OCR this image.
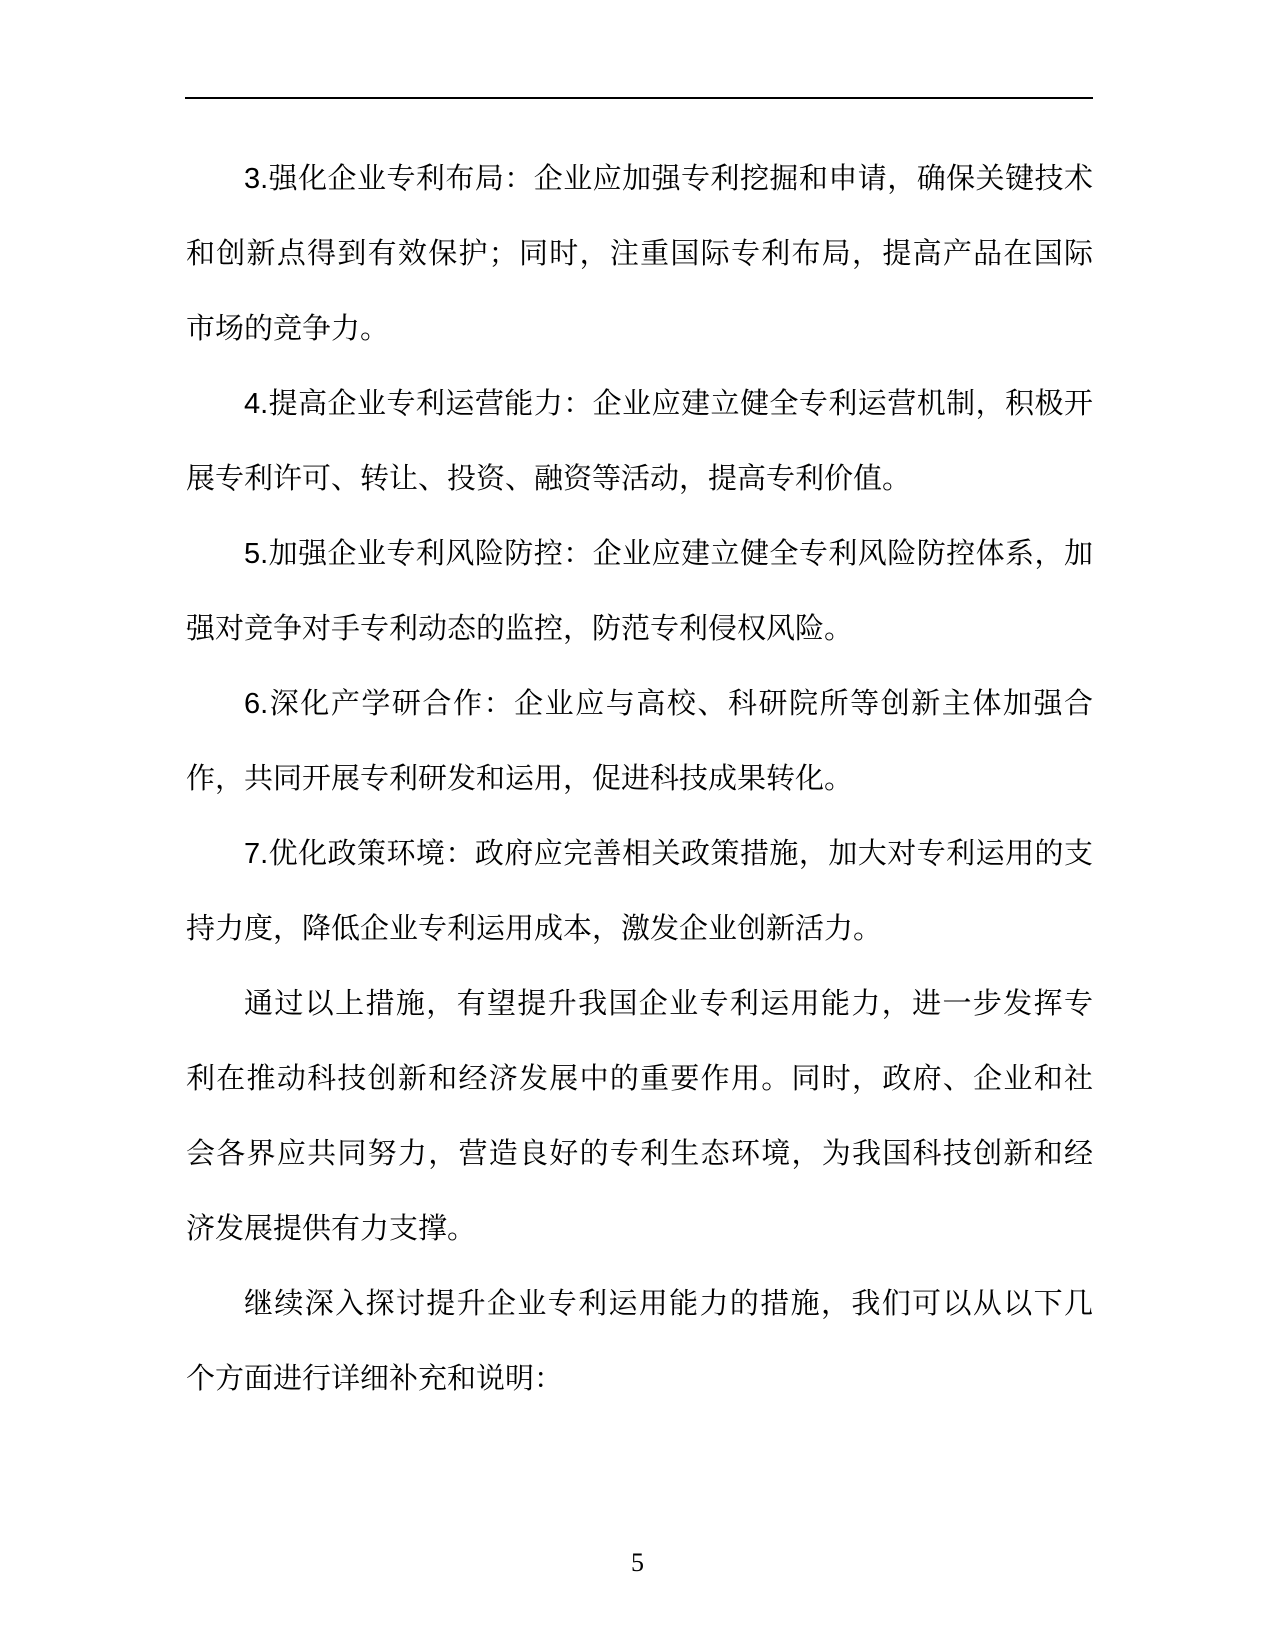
3.强化企业专利布局：企业应加强专利挖掘和申请，确保关键技术
和创新点得到有效保护；同时，注重国际专利布局，提高产品在国际
市场的竞争力。
4.提高企业专利运营能力：企业应建立健全专利运营机制，积极开
展专利许可、转让、投资、融资等活动，提高专利价值。
5.加强企业专利风险防控：企业应建立健全专利风险防控体系，加
强对竞争对手专利动态的监控，防范专利侵权风险。
6.深化产学研合作：企业应与高校、科研院所等创新主体加强合
作，共同开展专利研发和运用，促进科技成果转化。
7.优化政策环境：政府应完善相关政策措施，加大对专利运用的支
持力度，降低企业专利运用成本，激发企业创新活力。
通过以上措施，有望提升我国企业专利运用能力，进一步发挥专
利在推动科技创新和经济发展中的重要作用。同时，政府、企业和社
会各界应共同努力，营造良好的专利生态环境，为我国科技创新和经
济发展提供有力支撑。
继续深入探讨提升企业专利运用能力的措施，我们可以从以下几
个方面进行详细补充和说明：
5
